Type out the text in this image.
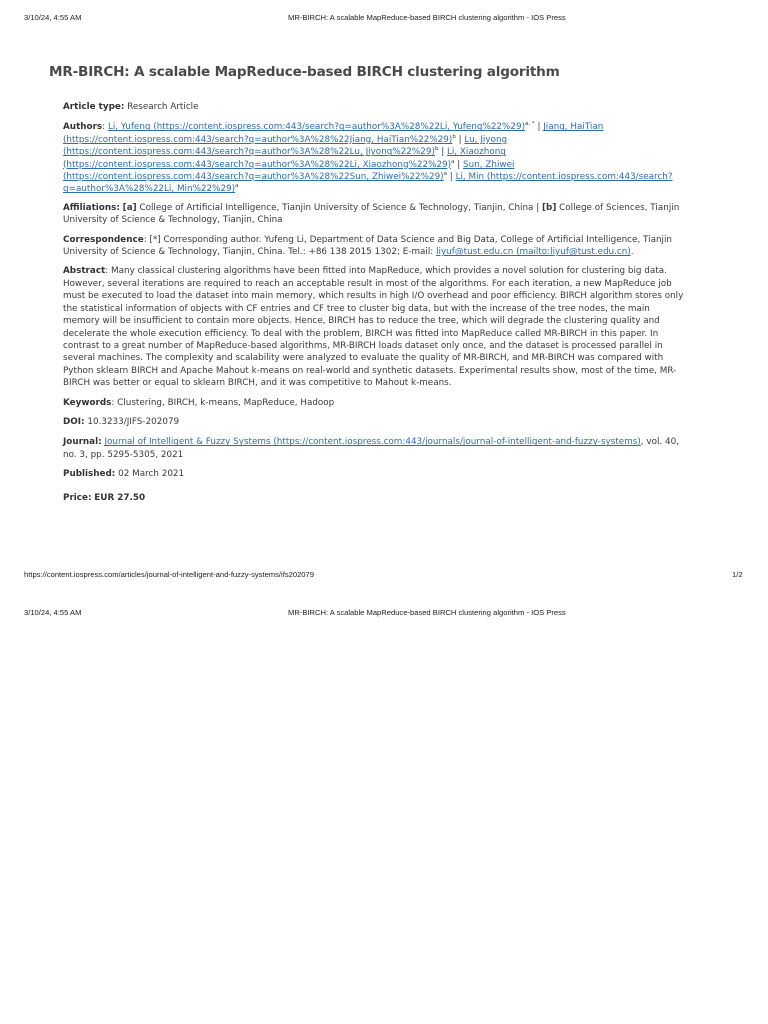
3/10/24, 4:55 AM	MR-BIRCH: A scalable MapReduce-based BIRCH clustering algorithm - IOS Press
MR-BIRCH: A scalable MapReduce-based BIRCH clustering algorithm

Article type: Research Article

Authors: Li, Yufeng (https://content.iospress.com:443/search?q=author%3A%28%22Li, Yufeng%22%29)$^{a, *}$ | Jiang, HaiTian (https://content.iospress.com:443/search?q=author%3A%28%22Jiang, HaiTian%22%29)$^b$ | Lu, Jiyong (https://content.iospress.com:443/search?q=author%3A%28%22Lu, Jiyong%22%29)$^b$ | Li, Xiaozhong (https://content.iospress.com:443/search?q=author%3A%28%22Li, Xiaozhong%22%29)$^a$ | Sun, Zhiwei (https://content.iospress.com:443/search?q=author%3A%28%22Sun, Zhiwei%22%29)$^a$ | Li, Min (https://content.iospress.com:443/search?q=author%3A%28%22Li, Min%22%29)$^a$

Affiliations: [a] College of Artificial Intelligence, Tianjin University of Science & Technology, Tianjin, China | [b] College of Sciences, Tianjin University of Science & Technology, Tianjin, China

Correspondence: [*] Corresponding author. Yufeng Li, Department of Data Science and Big Data, College of Artificial Intelligence, Tianjin University of Science & Technology, Tianjin, China. Tel.: +86 138 2015 1302; E-mail: liyuf@tust.edu.cn (mailto:liyuf@tust.edu.cn).

Abstract: Many classical clustering algorithms have been fitted into MapReduce, which provides a novel solution for clustering big data. However, several iterations are required to reach an acceptable result in most of the algorithms. For each iteration, a new MapReduce job must be executed to load the dataset into main memory, which results in high I/O overhead and poor efficiency. BIRCH algorithm stores only the statistical information of objects with CF entries and CF tree to cluster big data, but with the increase of the tree nodes, the main memory will be insufficient to contain more objects. Hence, BIRCH has to reduce the tree, which will degrade the clustering quality and decelerate the whole execution efficiency. To deal with the problem, BIRCH was fitted into MapReduce called MR-BIRCH in this paper. In contrast to a great number of MapReduce-based algorithms, MR-BIRCH loads dataset only once, and the dataset is processed parallel in several machines. The complexity and scalability were analyzed to evaluate the quality of MR-BIRCH, and MR-BIRCH was compared with Python sklearn BIRCH and Apache Mahout k-means on real-world and synthetic datasets. Experimental results show, most of the time, MR-BIRCH was better or equal to sklearn BIRCH, and it was competitive to Mahout k-means.

Keywords: Clustering, BIRCH, k-means, MapReduce, Hadoop

DOI: 10.3233/JIFS-202079

Journal: Journal of Intelligent & Fuzzy Systems (https://content.iospress.com:443/journals/journal-of-intelligent-and-fuzzy-systems), vol. 40, no. 3, pp. 5295-5305, 2021

Published: 02 March 2021

Price: EUR 27.50

https://content.iospress.com/articles/journal-of-intelligent-and-fuzzy-systems/ifs202079	1/2
3/10/24, 4:55 AM	MR-BIRCH: A scalable MapReduce-based BIRCH clustering algorithm - IOS Press
